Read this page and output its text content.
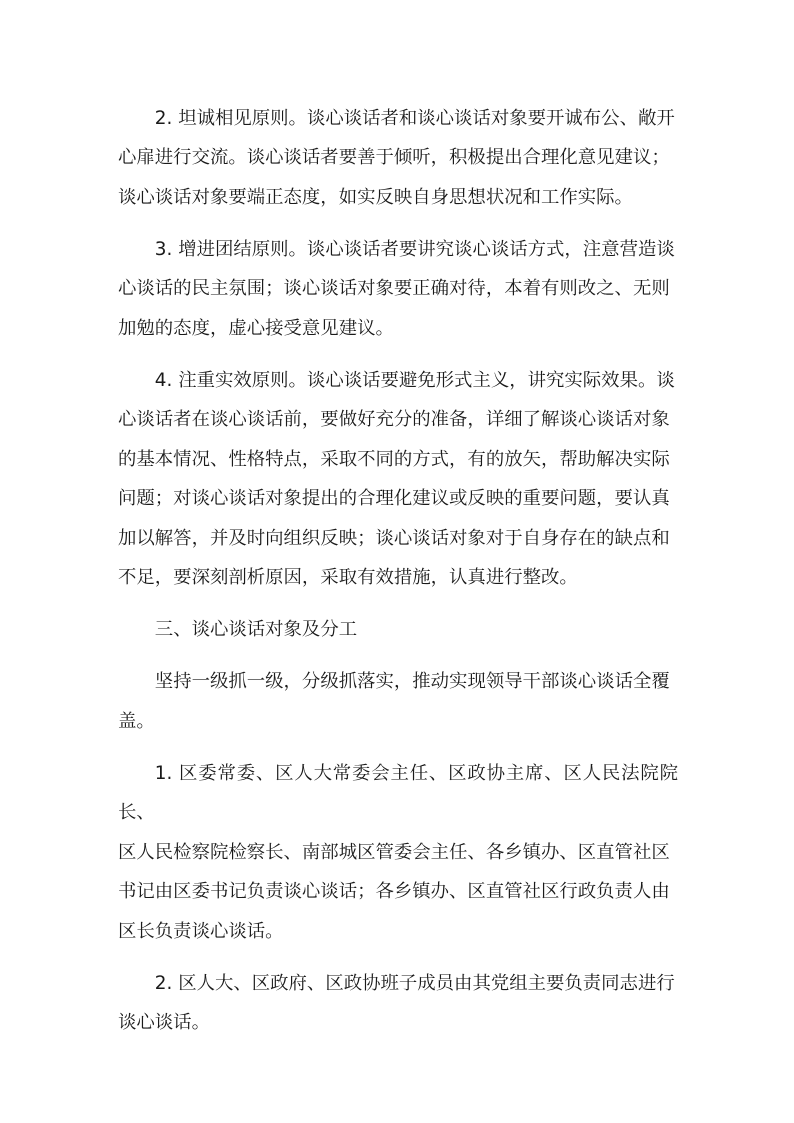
2. 坦诚相见原则。谈心谈话者和谈心谈话对象要开诚布公、敞开
心扉进行交流。谈心谈话者要善于倾听，积极提出合理化意见建议；
谈心谈话对象要端正态度，如实反映自身思想状况和工作实际。
3. 增进团结原则。谈心谈话者要讲究谈心谈话方式，注意营造谈
心谈话的民主氛围；谈心谈话对象要正确对待，本着有则改之、无则
加勉的态度，虚心接受意见建议。
4. 注重实效原则。谈心谈话要避免形式主义，讲究实际效果。谈
心谈话者在谈心谈话前，要做好充分的准备，详细了解谈心谈话对象
的基本情况、性格特点，采取不同的方式，有的放矢，帮助解决实际
问题；对谈心谈话对象提出的合理化建议或反映的重要问题，要认真
加以解答，并及时向组织反映；谈心谈话对象对于自身存在的缺点和
不足，要深刻剖析原因，采取有效措施，认真进行整改。
三、谈心谈话对象及分工
坚持一级抓一级，分级抓落实，推动实现领导干部谈心谈话全覆
盖。
1. 区委常委、区人大常委会主任、区政协主席、区人民法院院长、
区人民检察院检察长、南部城区管委会主任、各乡镇办、区直管社区
书记由区委书记负责谈心谈话；各乡镇办、区直管社区行政负责人由
区长负责谈心谈话。
2. 区人大、区政府、区政协班子成员由其党组主要负责同志进行
谈心谈话。
